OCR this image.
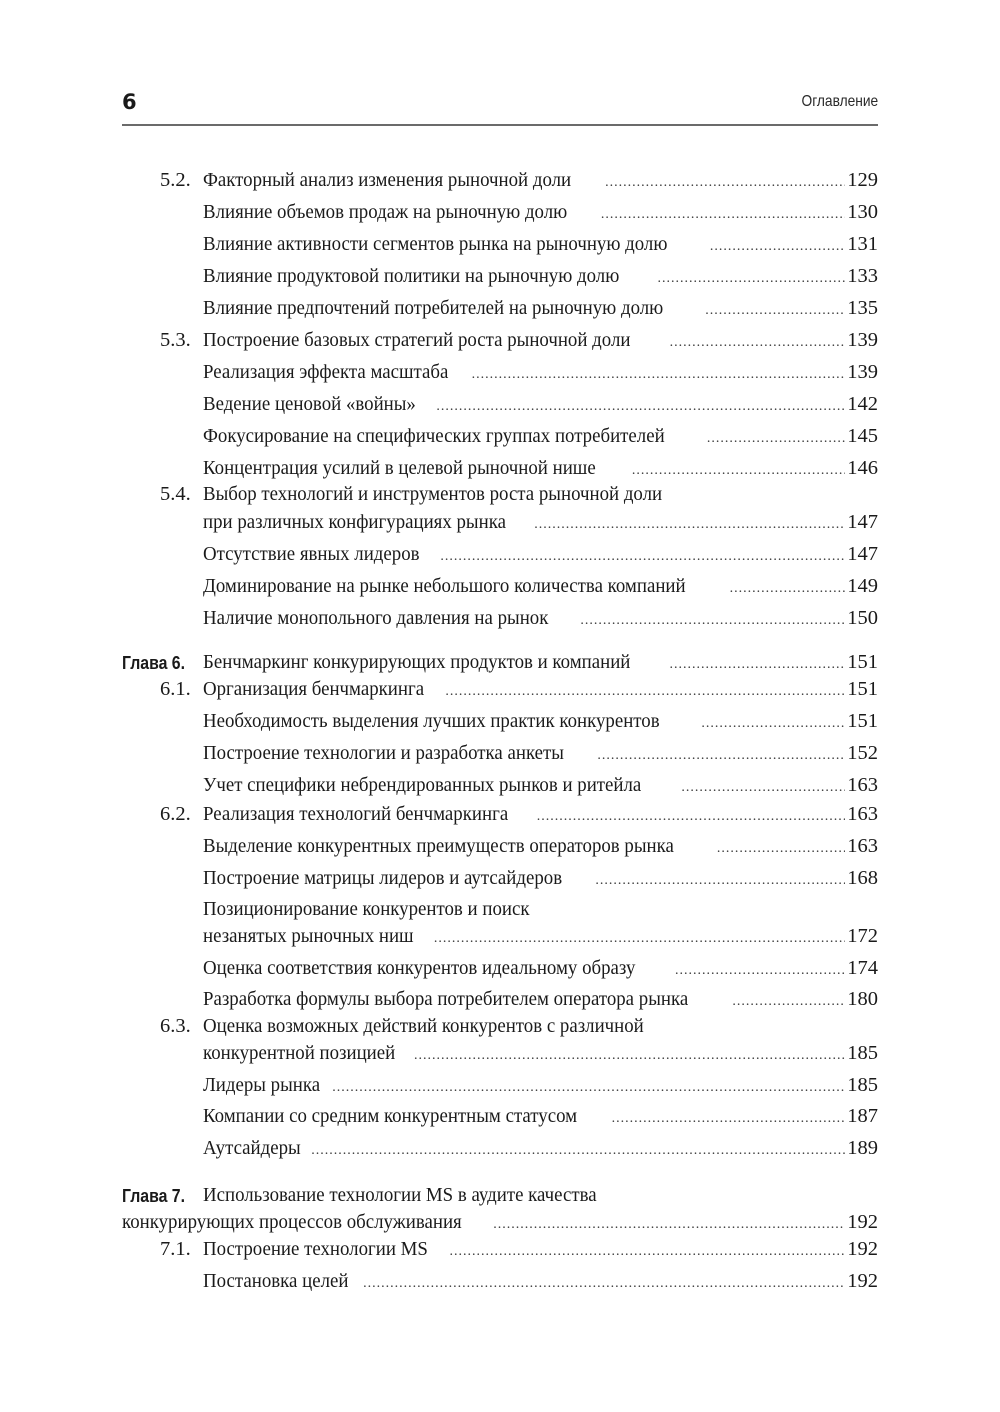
6	Оглавление
5.2. Факторный анализ изменения рыночной доли .....	129
Влияние объемов продаж на рыночную долю .....	130
Влияние активности сегментов рынка на рыночную долю .....	131
Влияние продуктовой политики на рыночную долю .....	133
Влияние предпочтений потребителей на рыночную долю .....	135
5.3. Построение базовых стратегий роста рыночной доли .....	139
Реализация эффекта масштаба .....	139
Ведение ценовой «войны» .....	142
Фокусирование на специфических группах потребителей .....	145
Концентрация усилий в целевой рыночной нише .....	146
5.4. Выбор технологий и инструментов роста рыночной доли
при различных конфигурациях рынка .....	147
Отсутствие явных лидеров .....	147
Доминирование на рынке небольшого количества компаний .....	149
Наличие монопольного давления на рынок .....	150
Глава 6. Бенчмаркинг конкурирующих продуктов и компаний .....	151
6.1. Организация бенчмаркинга .....	151
Необходимость выделения лучших практик конкурентов .....	151
Построение технологии и разработка анкеты .....	152
Учет специфики небрендированных рынков и ритейла .....	163
6.2. Реализация технологий бенчмаркинга .....	163
Выделение конкурентных преимуществ операторов рынка .....	163
Построение матрицы лидеров и аутсайдеров .....	168
Позиционирование конкурентов и поиск
незанятых рыночных ниш .....	172
Оценка соответствия конкурентов идеальному образу .....	174
Разработка формулы выбора потребителем оператора рынка .....	180
6.3. Оценка возможных действий конкурентов с различной
конкурентной позицией .....	185
Лидеры рынка .....	185
Компании со средним конкурентным статусом .....	187
Аутсайдеры .....	189
Глава 7. Использование технологии MS в аудите качества
конкурирующих процессов обслуживания .....	192
7.1. Построение технологии MS .....	192
Постановка целей .....	192
